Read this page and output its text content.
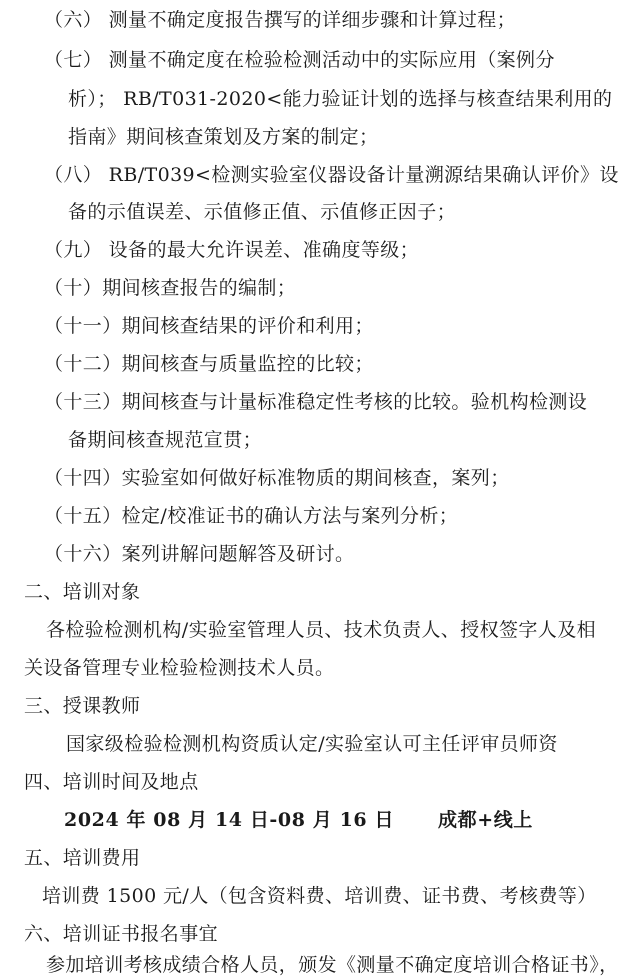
（六） 测量不确定度报告撰写的详细步骤和计算过程；
（七） 测量不确定度在检验检测活动中的实际应用（案例分
析）； RB/T031-2020<能力验证计划的选择与核查结果利用的
指南》期间核查策划及方案的制定；
（八） RB/T039<检测实验室仪器设备计量溯源结果确认评价》设
备的示值误差、示值修正值、示值修正因子；
（九） 设备的最大允许误差、准确度等级；
（十）期间核查报告的编制；
（十一）期间核查结果的评价和利用；
（十二）期间核查与质量监控的比较；
（十三）期间核查与计量标准稳定性考核的比较。验机构检测设
备期间核查规范宣贯；
（十四）实验室如何做好标准物质的期间核查，案列；
（十五）检定/校准证书的确认方法与案列分析；
（十六）案列讲解问题解答及研讨。
二、培训对象
各检验检测机构/实验室管理人员、技术负责人、授权签字人及相
关设备管理专业检验检测技术人员。
三、授课教师
国家级检验检测机构资质认定/实验室认可主任评审员师资
四、培训时间及地点
2024 年 08 月 14 日-08 月 16 日 成都+线上
五、培训费用
培训费 1500 元/人（包含资料费、培训费、证书费、考核费等）
六、培训证书报名事宜
参加培训考核成绩合格人员，颁发《测量不确定度培训合格证书》，
